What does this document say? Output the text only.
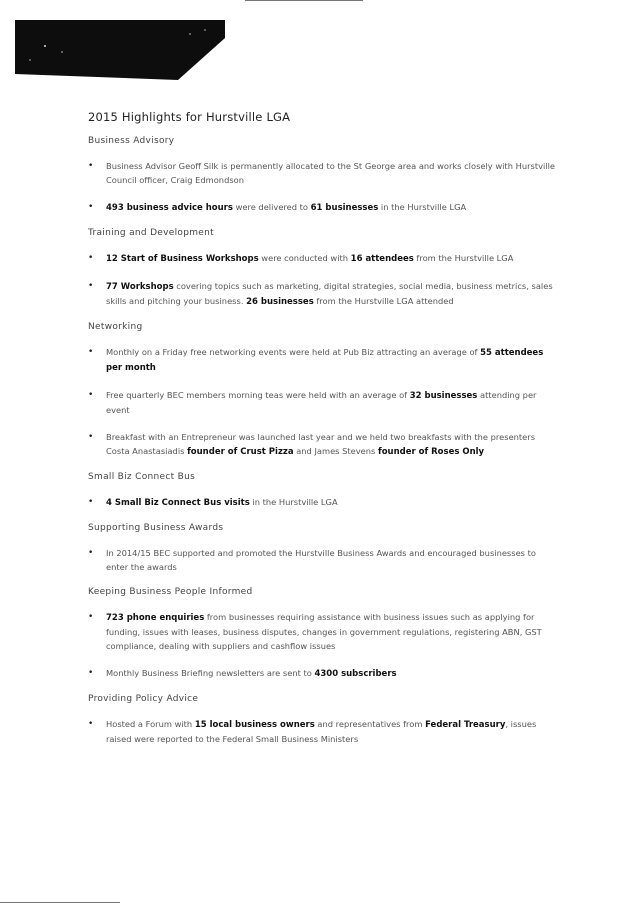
2015 Highlights for Hurstville LGA
Business Advisory
• Business Advisor Geoff Silk is permanently allocated to the St George area and works closely with Hurstville Council officer, Craig Edmondson
• 493 business advice hours were delivered to 61 businesses in the Hurstville LGA
Training and Development
• 12 Start of Business Workshops were conducted with 16 attendees from the Hurstville LGA
• 77 Workshops covering topics such as marketing, digital strategies, social media, business metrics, sales skills and pitching your business. 26 businesses from the Hurstville LGA attended
Networking
• Monthly on a Friday free networking events were held at Pub Biz attracting an average of 55 attendees per month
• Free quarterly BEC members morning teas were held with an average of 32 businesses attending per event
• Breakfast with an Entrepreneur was launched last year and we held two breakfasts with the presenters Costa Anastasiadis founder of Crust Pizza and James Stevens founder of Roses Only
Small Biz Connect Bus
• 4 Small Biz Connect Bus visits in the Hurstville LGA
Supporting Business Awards
• In 2014/15 BEC supported and promoted the Hurstville Business Awards and encouraged businesses to enter the awards
Keeping Business People Informed
• 723 phone enquiries from businesses requiring assistance with business issues such as applying for funding, issues with leases, business disputes, changes in government regulations, registering ABN, GST compliance, dealing with suppliers and cashflow issues
• Monthly Business Briefing newsletters are sent to 4300 subscribers
Providing Policy Advice
• Hosted a Forum with 15 local business owners and representatives from Federal Treasury, issues raised were reported to the Federal Small Business Ministers
